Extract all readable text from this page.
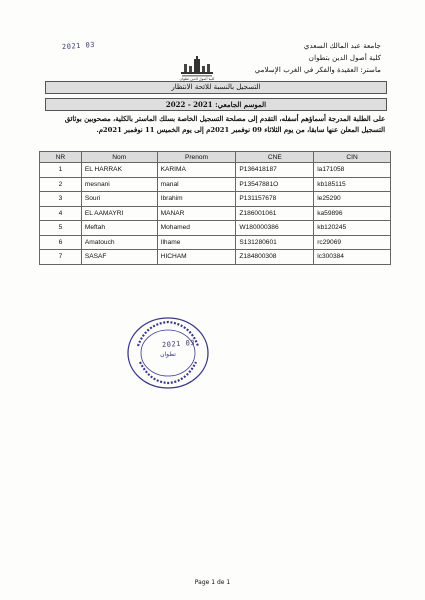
2021 03	جامعة عبد المالك السعدي
كلية أصول الدين بتطوان
ماستر: العقيدة والفكر في الغرب الإسلامي
كلية أصول الدين تطوان
التسجيل بالنسبة للائحة الانتظار
الموسم الجامعي: 2021 - 2022
على الطلبة المدرجة أسماؤهم أسفله، التقدم إلى مصلحة التسجيل الخاصة بسلك الماستر بالكلية، مصحوبين بوثائق التسجيل المعلن عنها سابقا، من يوم الثلاثاء 09 نوفمبر 2021م إلى يوم الخميس 11 نوفمبر 2021م.
NR	Nom	Prenom	CNE	CIN
1	EL HARRAK	KARIMA	P136418187	la171058
2	mesnani	manal	P13547881O	kb185115
3	Souri	Ibrahim	P131157678	le25290
4	EL AAMAYRI	MANAR	Z186001061	ka59896
5	Meftah	Mohamed	W180000386	kb120245
6	Amatouch	Ilhame	S131280601	rc29069
7	SASAF	HICHAM	Z184800308	lc300384
تطوان
2021 03
Page 1 de 1
